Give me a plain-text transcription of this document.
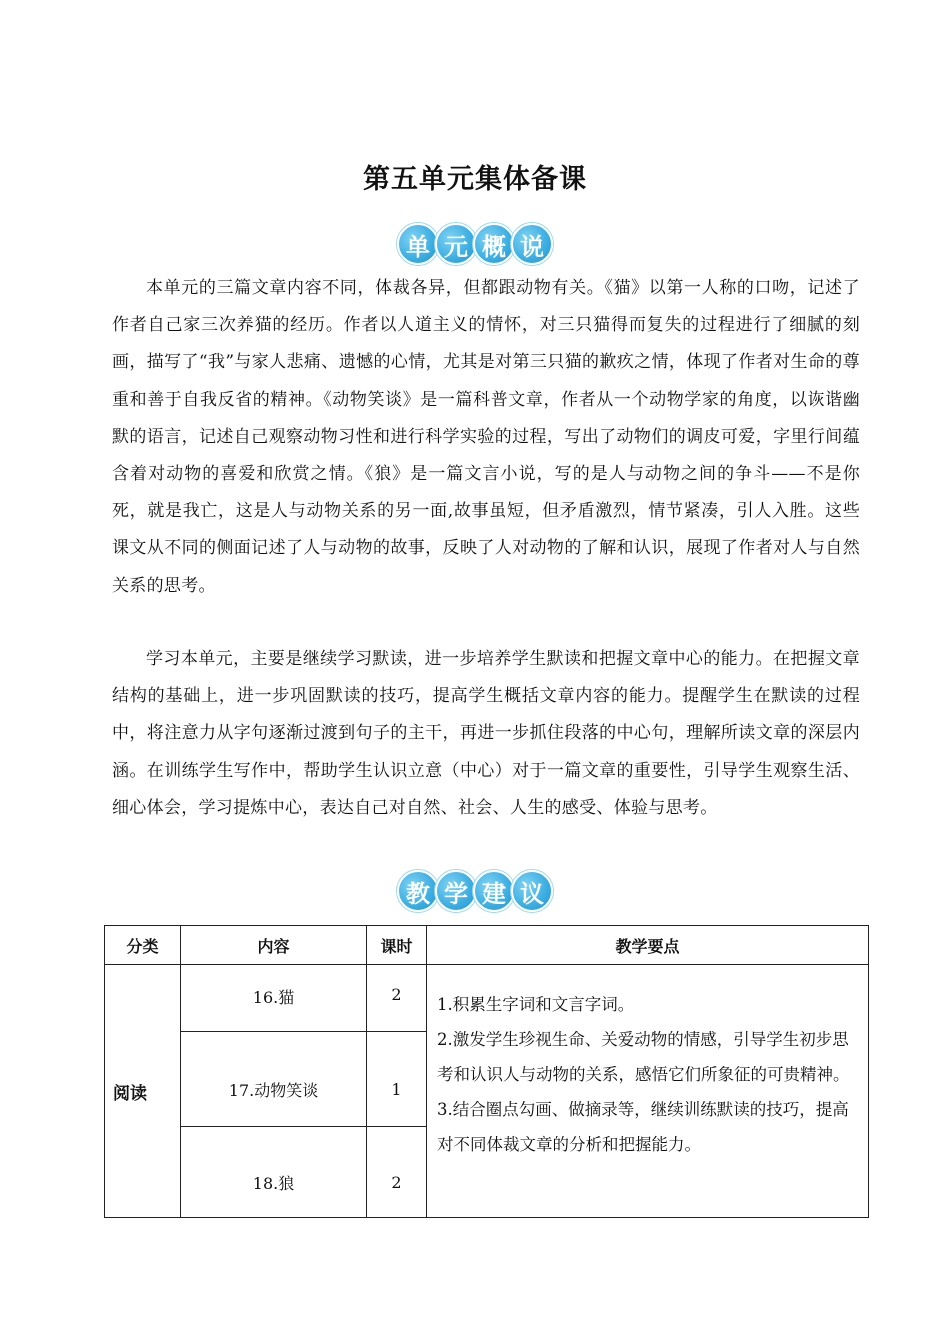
第五单元集体备课
单 元 概 说

本单元的三篇文章内容不同，体裁各异，但都跟动物有关。《猫》以第一人称的口吻，记述了作者自己家三次养猫的经历。作者以人道主义的情怀，对三只猫得而复失的过程进行了细腻的刻画，描写了“我”与家人悲痛、遗憾的心情，尤其是对第三只猫的歉疚之情，体现了作者对生命的尊重和善于自我反省的精神。《动物笑谈》是一篇科普文章，作者从一个动物学家的角度，以诙谐幽默的语言，记述自己观察动物习性和进行科学实验的过程，写出了动物们的调皮可爱，字里行间蕴含着对动物的喜爱和欣赏之情。《狼》是一篇文言小说，写的是人与动物之间的争斗——不是你死，就是我亡，这是人与动物关系的另一面,故事虽短，但矛盾激烈，情节紧凑，引人入胜。这些课文从不同的侧面记述了人与动物的故事，反映了人对动物的了解和认识，展现了作者对人与自然关系的思考。

学习本单元，主要是继续学习默读，进一步培养学生默读和把握文章中心的能力。在把握文章结构的基础上，进一步巩固默读的技巧，提高学生概括文章内容的能力。提醒学生在默读的过程中，将注意力从字句逐渐过渡到句子的主干，再进一步抓住段落的中心句，理解所读文章的深层内涵。在训练学生写作中，帮助学生认识立意（中心）对于一篇文章的重要性，引导学生观察生活、细心体会，学习提炼中心，表达自己对自然、社会、人生的感受、体验与思考。

教 学 建 议
分类	内容	课时	教学要点
阅读	16.猫	2	1.积累生字词和文言字词。
2.激发学生珍视生命、关爱动物的情感，引导学生初步思考和认识人与动物的关系，感悟它们所象征的可贵精神。
3.结合圈点勾画、做摘录等，继续训练默读的技巧，提高对不同体裁文章的分析和把握能力。

	17.动物笑谈	1	
	18.狼	2	
